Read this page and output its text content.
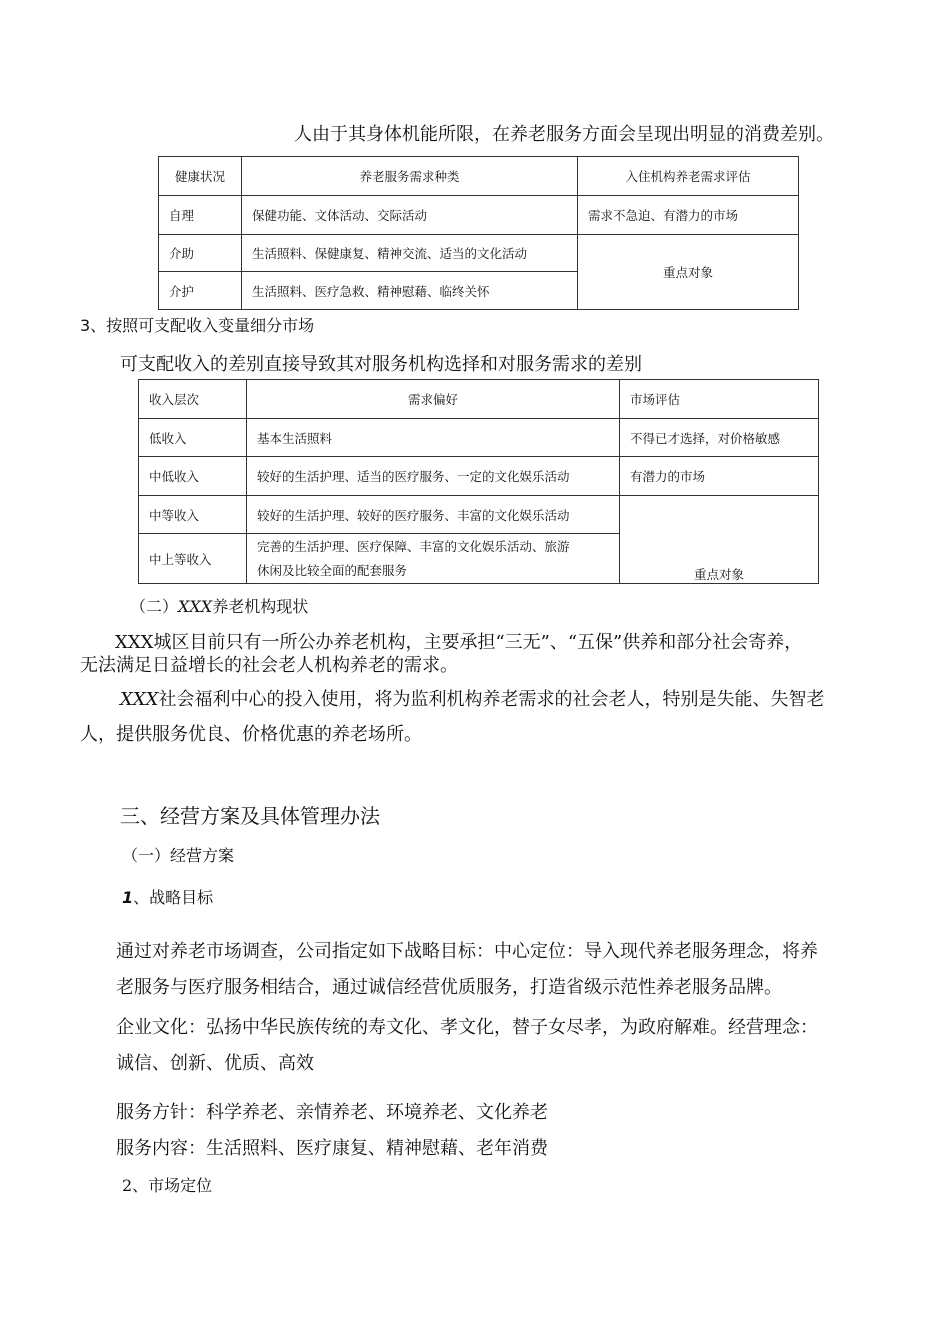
人由于其身体机能所限，在养老服务方面会呈现出明显的消费差别。
健康状况	养老服务需求种类	入住机构养老需求评估
自理	保健功能、文体活动、交际活动	需求不急迫、有潜力的市场
介助	生活照料、保健康复、精神交流、适当的文化活动	重点对象
介护	生活照料、医疗急救、精神慰藉、临终关怀	
3、按照可支配收入变量细分市场
可支配收入的差别直接导致其对服务机构选择和对服务需求的差别
收入层次	需求偏好	市场评估
低收入	基本生活照料	不得已才选择，对价格敏感
中低收入	较好的生活护理、适当的医疗服务、一定的文化娱乐活动	有潜力的市场
中等收入	较好的生活护理、较好的医疗服务、丰富的文化娱乐活动	重点对象
中上等收入	完善的生活护理、医疗保障、丰富的文化娱乐活动、旅游
休闲及比较全面的配套服务	
（二）XXX养老机构现状
XXX城区目前只有一所公办养老机构，主要承担“三无”、“五保”供养和部分社会寄养，
无法满足日益增长的社会老人机构养老的需求。
XXX社会福利中心的投入使用，将为监利机构养老需求的社会老人，特别是失能、失智老
人，提供服务优良、价格优惠的养老场所。
三、经营方案及具体管理办法
（一）经营方案
1、战略目标
通过对养老市场调查，公司指定如下战略目标：中心定位：导入现代养老服务理念，将养
老服务与医疗服务相结合，通过诚信经营优质服务，打造省级示范性养老服务品牌。
企业文化：弘扬中华民族传统的寿文化、孝文化，替子女尽孝，为政府解难。经营理念：
诚信、创新、优质、高效
服务方针：科学养老、亲情养老、环境养老、文化养老
服务内容：生活照料、医疗康复、精神慰藉、老年消费
2、市场定位
